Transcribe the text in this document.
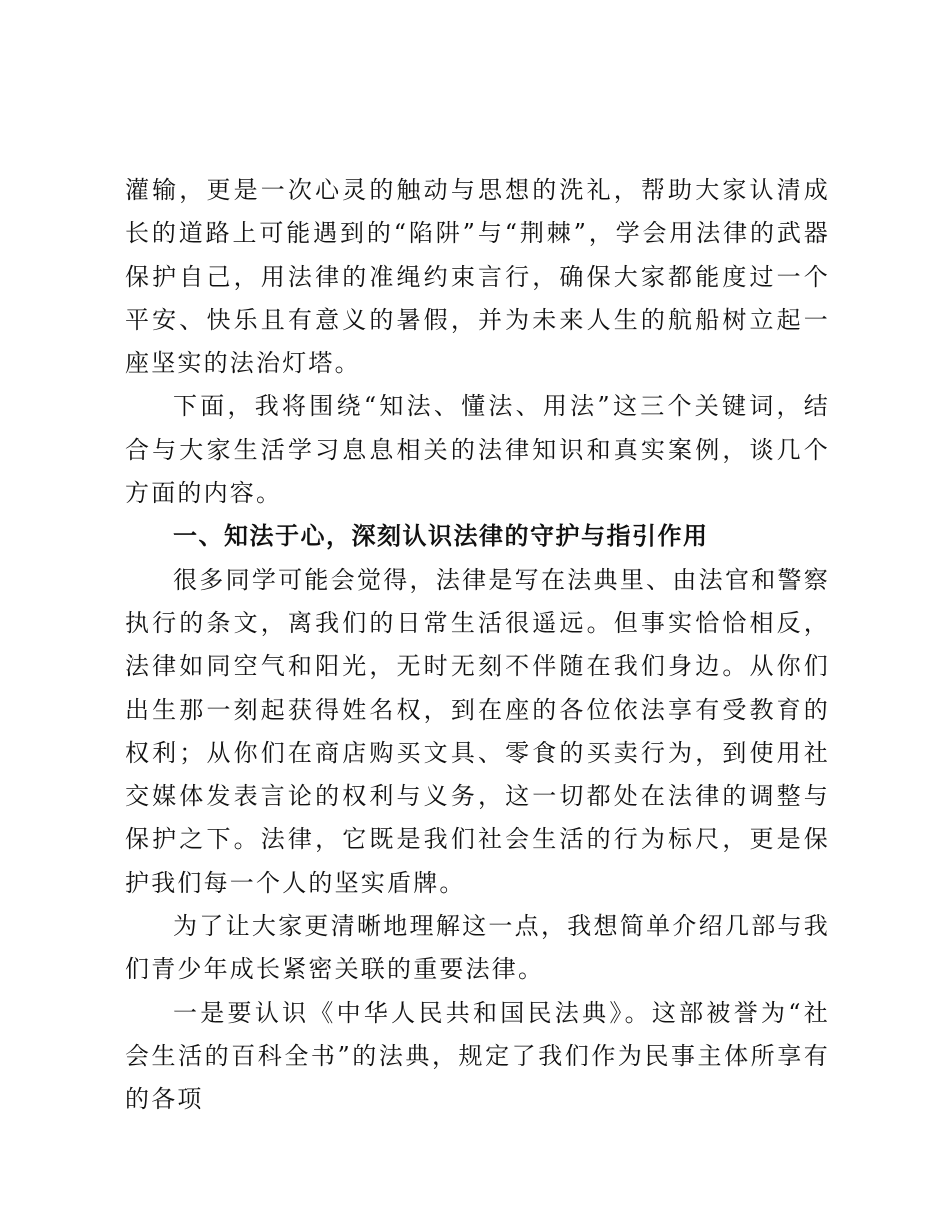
灌输，更是一次心灵的触动与思想的洗礼，帮助大家认清成长的道路上可能遇到的“陷阱”与“荆棘”，学会用法律的武器保护自己，用法律的准绳约束言行，确保大家都能度过一个平安、快乐且有意义的暑假，并为未来人生的航船树立起一座坚实的法治灯塔。

下面，我将围绕“知法、懂法、用法”这三个关键词，结合与大家生活学习息息相关的法律知识和真实案例，谈几个方面的内容。

一、知法于心，深刻认识法律的守护与指引作用

很多同学可能会觉得，法律是写在法典里、由法官和警察执行的条文，离我们的日常生活很遥远。但事实恰恰相反，法律如同空气和阳光，无时无刻不伴随在我们身边。从你们出生那一刻起获得姓名权，到在座的各位依法享有受教育的权利；从你们在商店购买文具、零食的买卖行为，到使用社交媒体发表言论的权利与义务，这一切都处在法律的调整与保护之下。法律，它既是我们社会生活的行为标尺，更是保护我们每一个人的坚实盾牌。

为了让大家更清晰地理解这一点，我想简单介绍几部与我们青少年成长紧密关联的重要法律。

一是要认识《中华人民共和国民法典》。这部被誉为“社会生活的百科全书”的法典，规定了我们作为民事主体所享有的各项
